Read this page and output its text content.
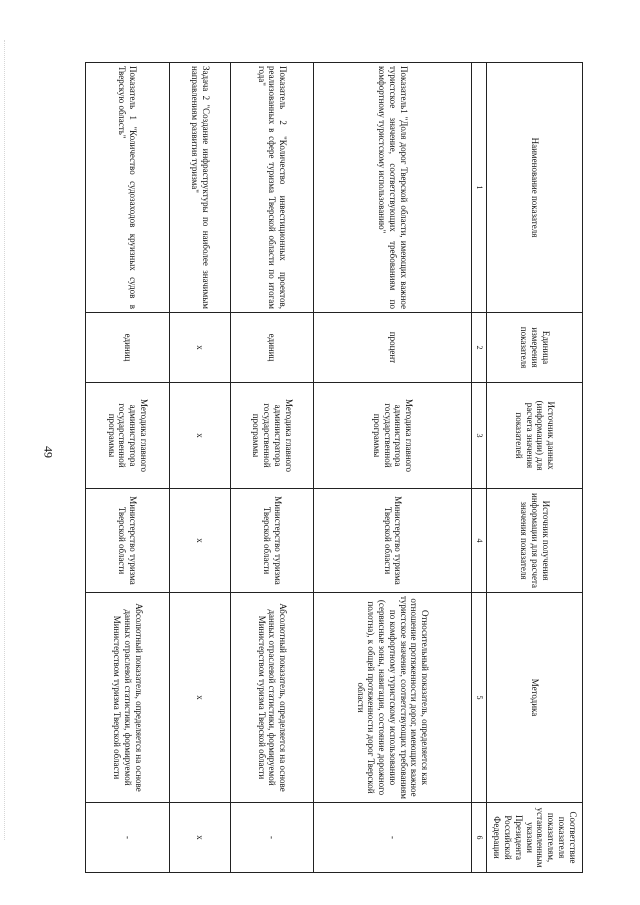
49
Наименование показателя	Единица измерения показателя	Источник данных (информации) для расчета значения показателей	Источник получения информации для расчета значения показателя	Методика	Соответствие показателя показателям, установленным указами Президента Российской Федерации
1	2	3	4	5	6
Показатель1 "Доля дорог Тверской области, имеющих важное туристское значение, соответствующих требованиям по комфортному туристскому использованию"	процент	Методика главного администратора государственной программы	Министерство туризма Тверской области	Относительный показатель, определяется как отношение протяженности дорог, имеющих важное туристское значение, соответствующих требованиям по комфортному туристскому использованию (сервисные зоны, навигация, состояние дорожного полотна), к общей протяженности дорог Тверской области	-
Показатель 2 "Количество инвестиционных проектов, реализованных в сфере туризма Тверской области по итогам года"	единиц	Методика главного администратора государственной программы	Министерство туризма Тверской области	Абсолютный показатель, определяется на основе данных отраслевой статистики, формируемой Министерством туризма Тверской области	-
Задача 2 "Создание инфраструктуры по наиболее значимым направлениям развития туризма"	x	x	x	x	x
Показатель 1 "Количество судозаходов круизных судов в Тверскую область"	единиц	Методика главного администратора государственной программы	Министерство туризма Тверской области	Абсолютный показатель, определяется на основе данных отраслевой статистики, формируемой Министерством туризма Тверской области	-
